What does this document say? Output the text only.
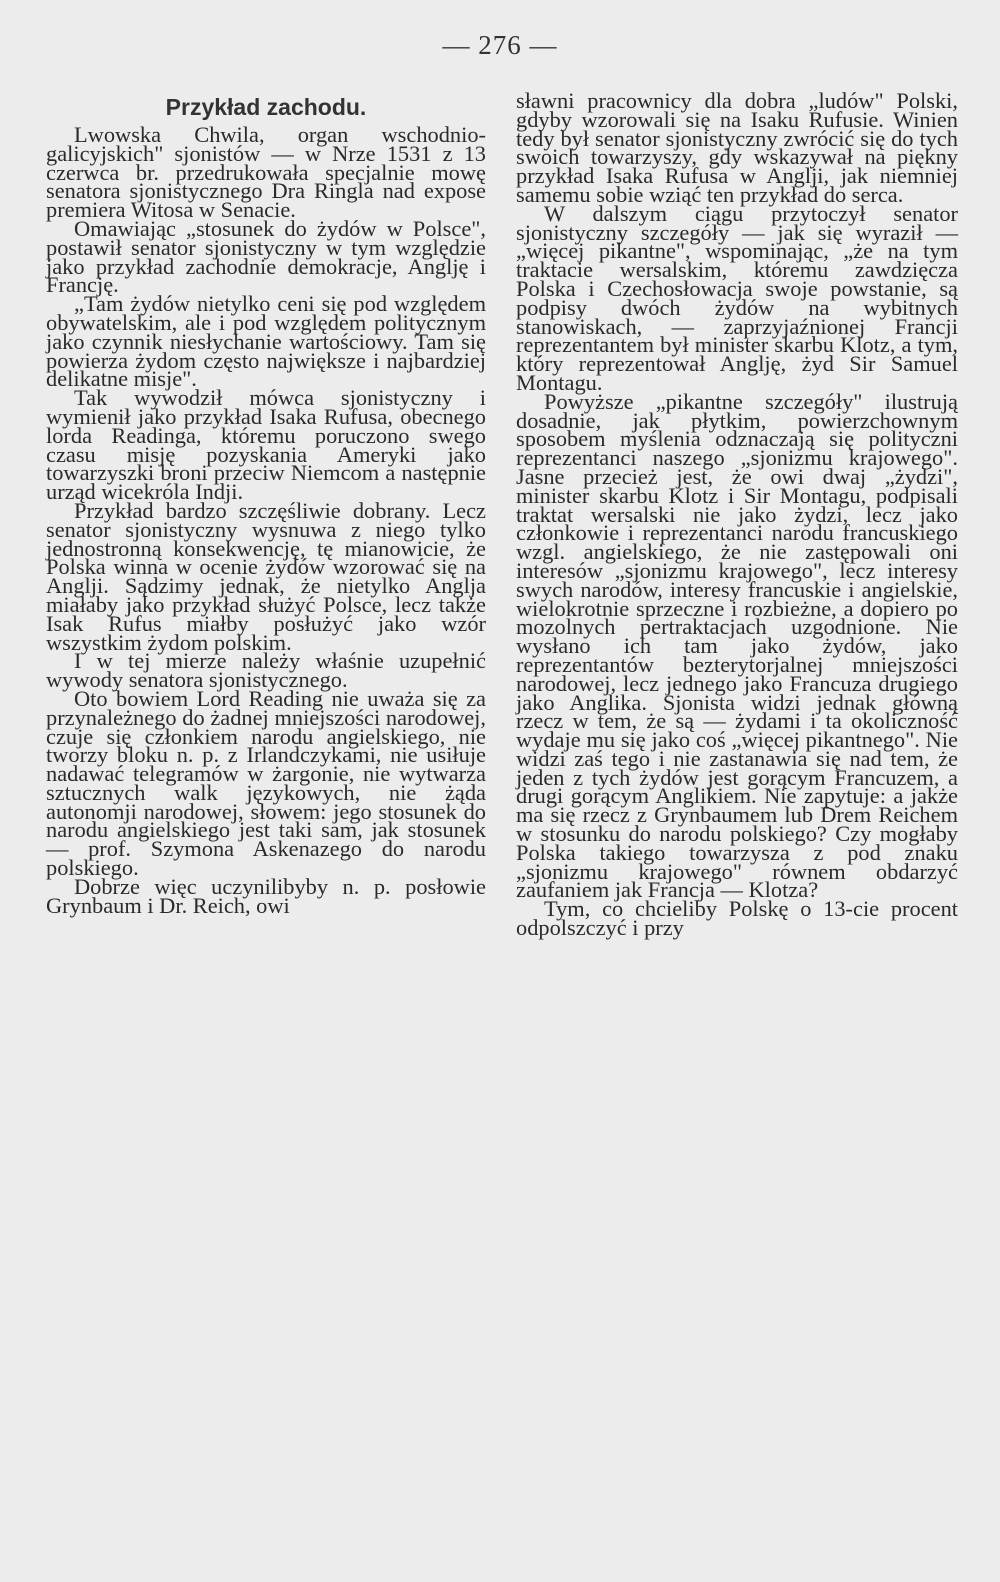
— 276 —
Przykład zachodu.

Lwowska Chwila, organ wschodnio-galicyjskich" sjonistów — w Nrze 1531 z 13 czerwca br. przedrukowała specjalnie mowę senatora sjonistycznego Dra Ringla nad expose premiera Witosa w Senacie.

Omawiając „stosunek do żydów w Polsce", postawił senator sjonistyczny w tym względzie jako przykład zachodnie demokracje, Anglję i Francję.

„Tam żydów nietylko ceni się pod względem obywatelskim, ale i pod względem politycznym jako czynnik niesłychanie wartościowy. Tam się powierza żydom często największe i najbardziej delikatne misje".

Tak wywodził mówca sjonistyczny i wymienił jako przykład Isaka Rufusa, obecnego lorda Readinga, któremu poruczono swego czasu misję pozyskania Ameryki jako towarzyszki broni przeciw Niemcom a następnie urząd wicekróla Indji.

Przykład bardzo szczęśliwie dobrany. Lecz senator sjonistyczny wysnuwa z niego tylko jednostronną konsekwencję, tę mianowicie, że Polska winna w ocenie żydów wzorować się na Anglji. Sądzimy jednak, że nietylko Anglja miałaby jako przykład służyć Polsce, lecz także Isak Rufus miałby posłużyć jako wzór wszystkim żydom polskim.

I w tej mierze należy właśnie uzupełnić wywody senatora sjonistycznego.

Oto bowiem Lord Reading nie uważa się za przynależnego do żadnej mniejszości narodowej, czuje się członkiem narodu angielskiego, nie tworzy bloku n. p. z Irlandczykami, nie usiłuje nadawać telegramów w żargonie, nie wytwarza sztucznych walk językowych, nie żąda autonomji narodowej, słowem: jego stosunek do narodu angielskiego jest taki sam, jak stosunek — prof. Szymona Askenazego do narodu polskiego.

Dobrze więc uczynilibyby n. p. posłowie Grynbaum i Dr. Reich, owi

sławni pracownicy dla dobra „ludów" Polski, gdyby wzorowali się na Isaku Rufusie. Winien tedy był senator sjonistyczny zwrócić się do tych swoich towarzyszy, gdy wskazywał na piękny przykład Isaka Rufusa w Anglji, jak niemniej samemu sobie wziąć ten przykład do serca.

W dalszym ciągu przytoczył senator sjonistyczny szczegóły — jak się wyraził — „więcej pikantne", wspominając, „że na tym traktacie wersalskim, któremu zawdzięcza Polska i Czechosłowacja swoje powstanie, są podpisy dwóch żydów na wybitnych stanowiskach, — zaprzyjaźnionej Francji reprezentantem był minister skarbu Klotz, a tym, który reprezentował Anglję, żyd Sir Samuel Montagu.

Powyższe „pikantne szczegóły" ilustrują dosadnie, jak płytkim, powierzchownym sposobem myślenia odznaczają się polityczni reprezentanci naszego „sjonizmu krajowego". Jasne przecież jest, że owi dwaj „żydzi", minister skarbu Klotz i Sir Montagu, podpisali traktat wersalski nie jako żydzi, lecz jako członkowie i reprezentanci narodu francuskiego wzgl. angielskiego, że nie zastępowali oni interesów „sjonizmu krajowego", lecz interesy swych narodów, interesy francuskie i angielskie, wielokrotnie sprzeczne i rozbieżne, a dopiero po mozolnych pertraktacjach uzgodnione. Nie wysłano ich tam jako żydów, jako reprezentantów bezterytorjalnej mniejszości narodowej, lecz jednego jako Francuza drugiego jako Anglika. Sjonista widzi jednak główną rzecz w tem, że są — żydami i ta okoliczność wydaje mu się jako coś „więcej pikantnego". Nie widzi zaś tego i nie zastanawia się nad tem, że jeden z tych żydów jest gorącym Francuzem, a drugi gorącym Anglikiem. Nie zapytuje: a jakże ma się rzecz z Grynbaumem lub Drem Reichem w stosunku do narodu polskiego? Czy mogłaby Polska takiego towarzysza z pod znaku „sjonizmu krajowego" równem obdarzyć zaufaniem jak Francja — Klotza?

Tym, co chcieliby Polskę o 13-cie procent odpolszczyć i przy
